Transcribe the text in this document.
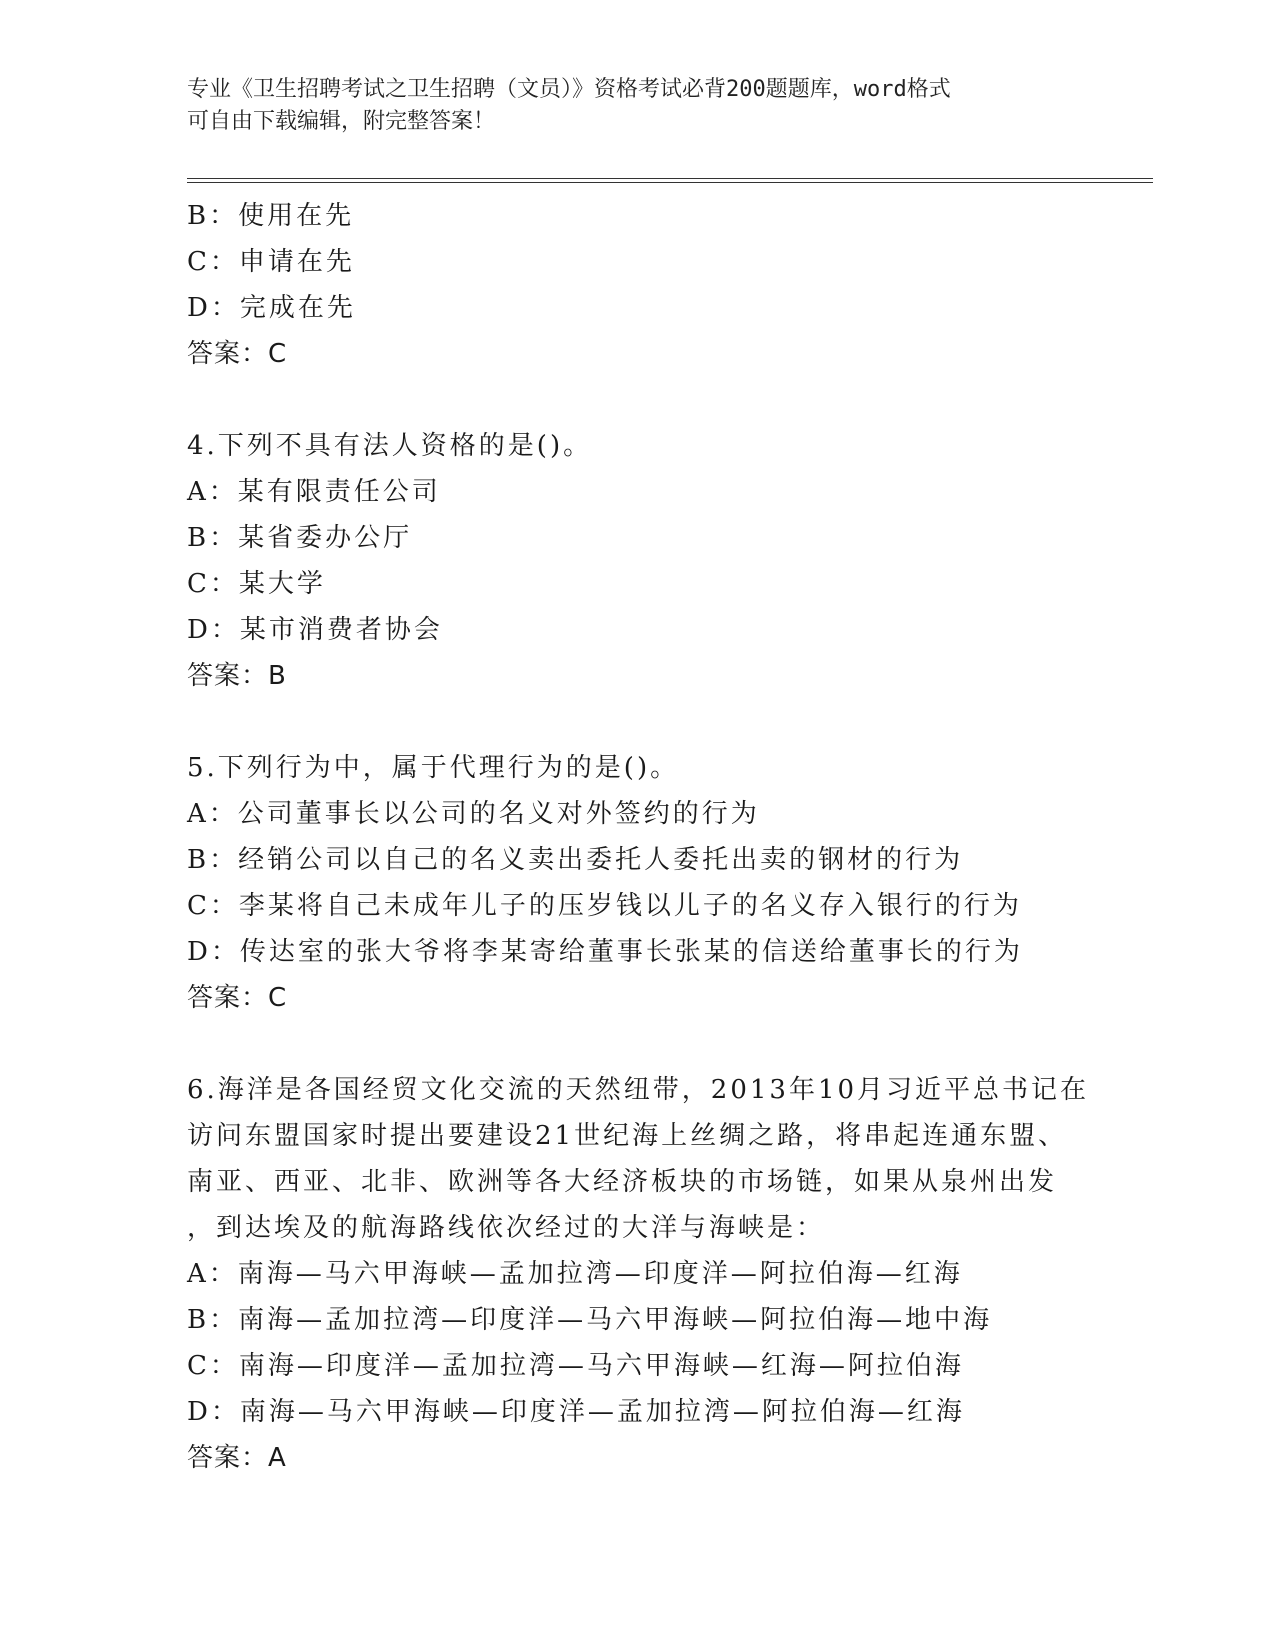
专业《卫生招聘考试之卫生招聘（文员）》资格考试必背200题题库，word格式
可自由下载编辑，附完整答案！
B：使用在先
C：申请在先
D：完成在先
答案：C
4.下列不具有法人资格的是()。
A：某有限责任公司
B：某省委办公厅
C：某大学
D：某市消费者协会
答案：B
5.下列行为中，属于代理行为的是()。
A：公司董事长以公司的名义对外签约的行为
B：经销公司以自己的名义卖出委托人委托出卖的钢材的行为
C：李某将自己未成年儿子的压岁钱以儿子的名义存入银行的行为
D：传达室的张大爷将李某寄给董事长张某的信送给董事长的行为
答案：C
6.海洋是各国经贸文化交流的天然纽带，2013年10月习近平总书记在
访问东盟国家时提出要建设21世纪海上丝绸之路，将串起连通东盟、
南亚、西亚、北非、欧洲等各大经济板块的市场链，如果从泉州出发
，到达埃及的航海路线依次经过的大洋与海峡是：
A：南海—马六甲海峡—孟加拉湾—印度洋—阿拉伯海—红海
B：南海—孟加拉湾—印度洋—马六甲海峡—阿拉伯海—地中海
C：南海—印度洋—孟加拉湾—马六甲海峡—红海—阿拉伯海
D：南海—马六甲海峡—印度洋—孟加拉湾—阿拉伯海—红海
答案：A
